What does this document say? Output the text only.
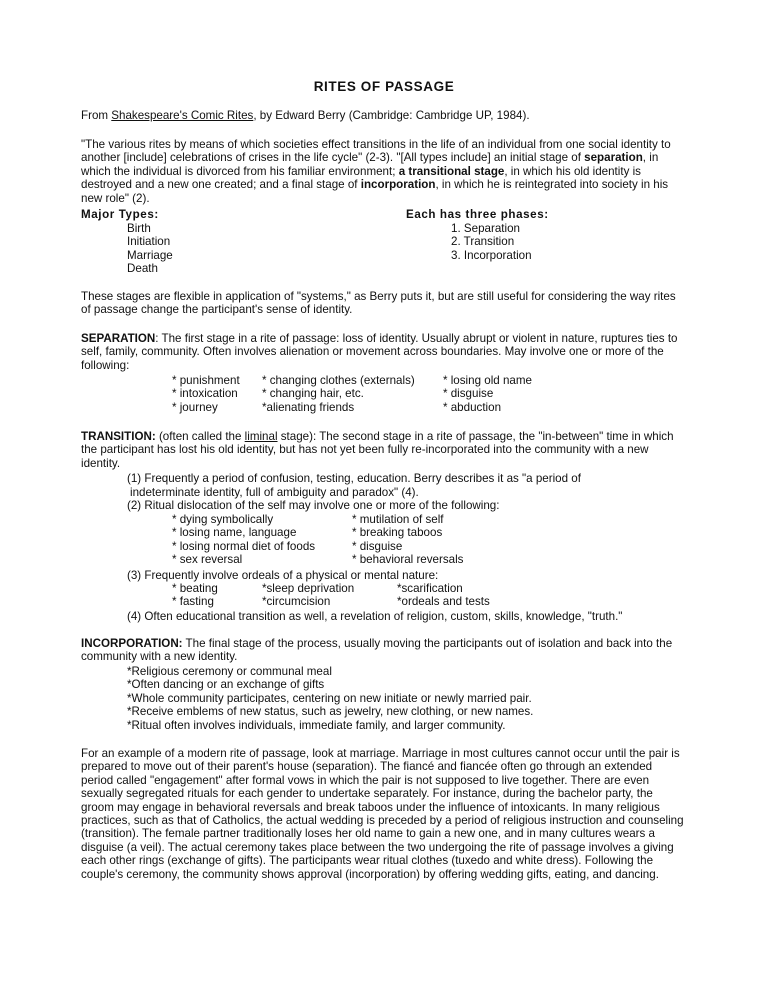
RITES OF PASSAGE
From Shakespeare's Comic Rites, by Edward Berry (Cambridge: Cambridge UP, 1984).
"The various rites by means of which societies effect transitions in the life of an individual from one social identity to another [include] celebrations of crises in the life cycle" (2-3). "[All types include] an initial stage of separation, in which the individual is divorced from his familiar environment; a transitional stage, in which his old identity is destroyed and a new one created; and a final stage of incorporation, in which he is reintegrated into society in his new role" (2).
Major Types:
Birth
Initiation
Marriage
Death
Each has three phases:
1. Separation
2. Transition
3. Incorporation
These stages are flexible in application of "systems," as Berry puts it, but are still useful for considering the way rites of passage change the participant's sense of identity.
SEPARATION: The first stage in a rite of passage: loss of identity. Usually abrupt or violent in nature, ruptures ties to self, family, community. Often involves alienation or movement across boundaries. May involve one or more of the following:
* punishment
* intoxication
* journey
* changing clothes (externals)
* changing hair, etc.
*alienating friends
* losing old name
* disguise
* abduction
TRANSITION: (often called the liminal stage): The second stage in a rite of passage, the "in-between" time in which the participant has lost his old identity, but has not yet been fully re-incorporated into the community with a new identity.
(1) Frequently a period of confusion, testing, education. Berry describes it as "a period of
indeterminate identity, full of ambiguity and paradox" (4).
(2) Ritual dislocation of the self may involve one or more of the following:
* dying symbolically
* losing name, language
* losing normal diet of foods
* sex reversal
* mutilation of self
* breaking taboos
* disguise
* behavioral reversals
(3) Frequently involve ordeals of a physical or mental nature:
* beating
* fasting
*sleep deprivation
*circumcision
*scarification
*ordeals and tests
(4) Often educational transition as well, a revelation of religion, custom, skills, knowledge, "truth."
INCORPORATION: The final stage of the process, usually moving the participants out of isolation and back into the community with a new identity.
*Religious ceremony or communal meal
*Often dancing or an exchange of gifts
*Whole community participates, centering on new initiate or newly married pair.
*Receive emblems of new status, such as jewelry, new clothing, or new names.
*Ritual often involves individuals, immediate family, and larger community.
For an example of a modern rite of passage, look at marriage. Marriage in most cultures cannot occur until the pair is prepared to move out of their parent's house (separation). The fiancé and fiancée often go through an extended period called "engagement" after formal vows in which the pair is not supposed to live together. There are even sexually segregated rituals for each gender to undertake separately. For instance, during the bachelor party, the groom may engage in behavioral reversals and break taboos under the influence of intoxicants. In many religious practices, such as that of Catholics, the actual wedding is preceded by a period of religious instruction and counseling (transition). The female partner traditionally loses her old name to gain a new one, and in many cultures wears a disguise (a veil). The actual ceremony takes place between the two undergoing the rite of passage involves a giving each other rings (exchange of gifts). The participants wear ritual clothes (tuxedo and white dress). Following the couple's ceremony, the community shows approval (incorporation) by offering wedding gifts, eating, and dancing.
